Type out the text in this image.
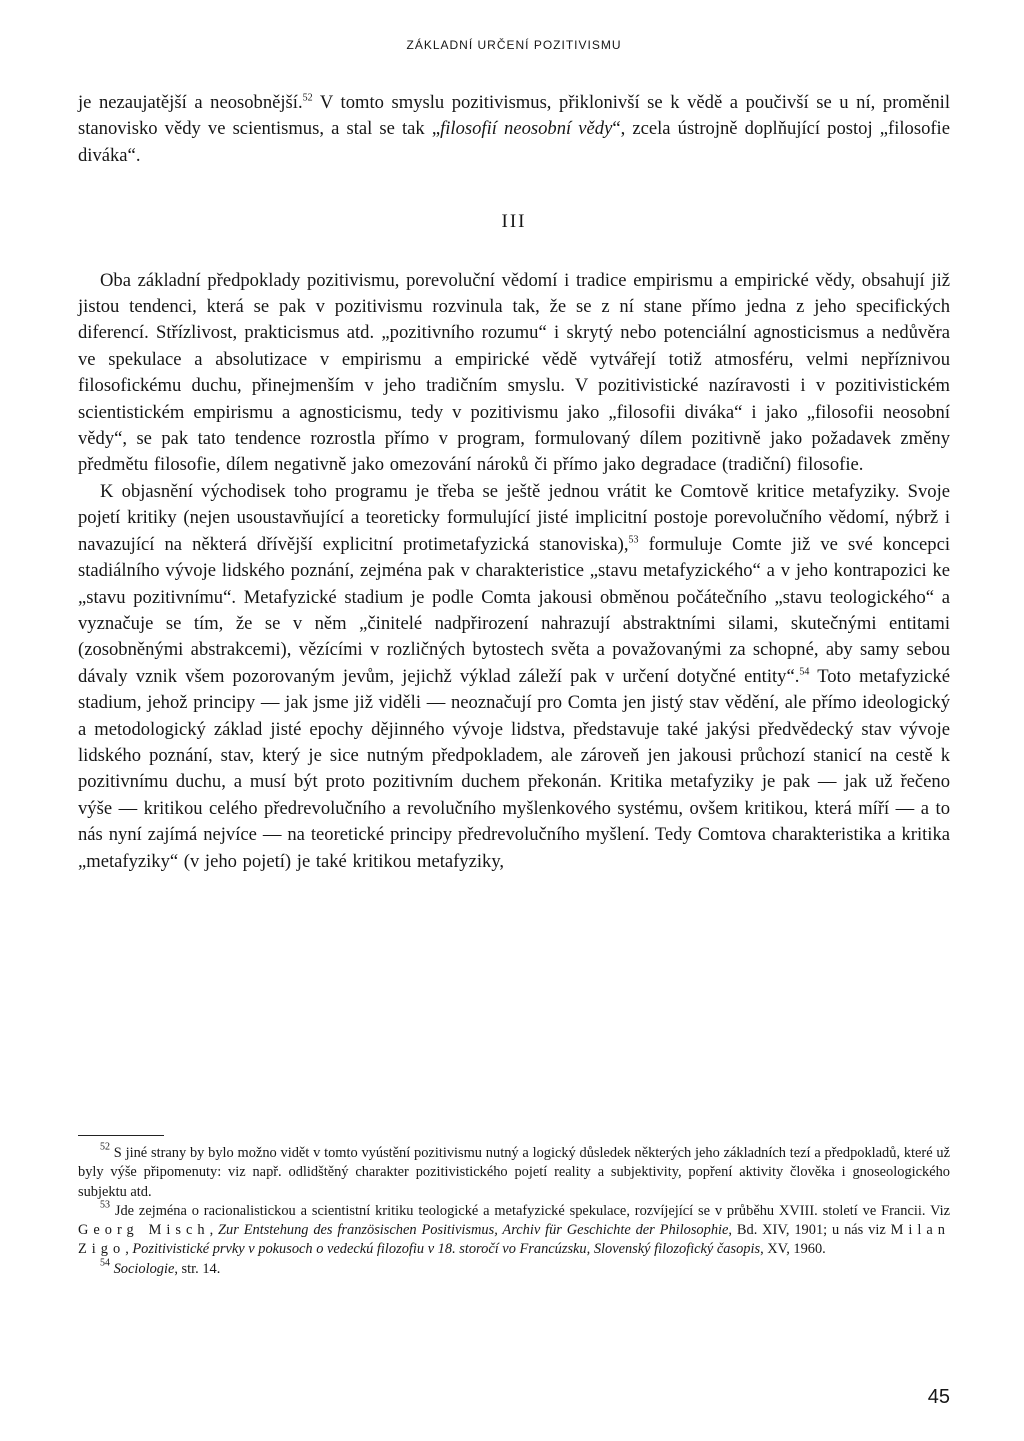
ZÁKLADNÍ URČENÍ POZITIVISMU

je nezaujatější a neosobnější.$^{52}$ V tomto smyslu pozitivismus, přiklonivší se k vědě a poučivší se u ní, proměnil stanovisko vědy ve scientismus, a stal se tak „filosofií neosobní vědy“, zcela ústrojně doplňující postoj „filosofie diváka“.

III

Oba základní předpoklady pozitivismu, porevoluční vědomí i tradice empirismu a empirické vědy, obsahují již jistou tendenci, která se pak v pozitivismu rozvinula tak, že se z ní stane přímo jedna z jeho specifických diferencí. Střízlivost, prakticismus atd. „pozitivního rozumu“ i skrytý nebo potenciální agnosticismus a nedůvěra ve spekulace a absolutizace v empirismu a empirické vědě vytvářejí totiž atmosféru, velmi nepříznivou filosofickému duchu, přinejmenším v jeho tradičním smyslu. V pozitivistické nazíravosti i v pozitivistickém scientistickém empirismu a agnosticismu, tedy v pozitivismu jako „filosofii diváka“ i jako „filosofii neosobní vědy“, se pak tato tendence rozrostla přímo v program, formulovaný dílem pozitivně jako požadavek změny předmětu filosofie, dílem negativně jako omezování nároků či přímo jako degradace (tradiční) filosofie.

K objasnění východisek toho programu je třeba se ještě jednou vrátit ke Comtově kritice metafyziky. Svoje pojetí kritiky (nejen usoustavňující a teoreticky formulující jisté implicitní postoje porevolučního vědomí, nýbrž i navazující na některá dřívější explicitní protimetafyzická stanoviska),$^{53}$ formuluje Comte již ve své koncepci stadiálního vývoje lidského poznání, zejména pak v charakteristice „stavu metafyzického“ a v jeho kontrapozici ke „stavu pozitivnímu“. Metafyzické stadium je podle Comta jakousi obměnou počátečního „stavu teologického“ a vyznačuje se tím, že se v něm „činitelé nadpřirození nahrazují abstraktními silami, skutečnými entitami (zosobněnými abstrakcemi), vězícími v rozličných bytostech světa a považovanými za schopné, aby samy sebou dávaly vznik všem pozorovaným jevům, jejichž výklad záleží pak v určení dotyčné entity“.$^{54}$ Toto metafyzické stadium, jehož principy — jak jsme již viděli — neoznačují pro Comta jen jistý stav vědění, ale přímo ideologický a metodologický základ jisté epochy dějinného vývoje lidstva, představuje také jakýsi předvědecký stav vývoje lidského poznání, stav, který je sice nutným předpokladem, ale zároveň jen jakousi průchozí stanicí na cestě k pozitivnímu duchu, a musí být proto pozitivním duchem překonán. Kritika metafyziky je pak — jak už řečeno výše — kritikou celého předrevolučního a revolučního myšlenkového systému, ovšem kritikou, která míří — a to nás nyní zajímá nejvíce — na teoretické principy předrevolučního myšlení. Tedy Comtova charakteristika a kritika „metafyziky“ (v jeho pojetí) je také kritikou metafyziky,

$^{52}$ S jiné strany by bylo možno vidět v tomto vyústění pozitivismu nutný a logický důsledek některých jeho základních tezí a předpokladů, které už byly výše připomenuty: viz např. odlidštěný charakter pozitivistického pojetí reality a subjektivity, popření aktivity člověka i gnoseologického subjektu atd.

$^{53}$ Jde zejména o racionalistickou a scientistní kritiku teologické a metafyzické spekulace, rozvíjející se v průběhu XVIII. století ve Francii. Viz Georg Misch, Zur Entstehung des französischen Positivismus, Archiv für Geschichte der Philosophie, Bd. XIV, 1901; u nás viz Milan Zigo, Pozitivistické prvky v pokusoch o vedeckú filozofiu v 18. storočí vo Francúzsku, Slovenský filozofický časopis, XV, 1960.

$^{54}$ Sociologie, str. 14.

45
